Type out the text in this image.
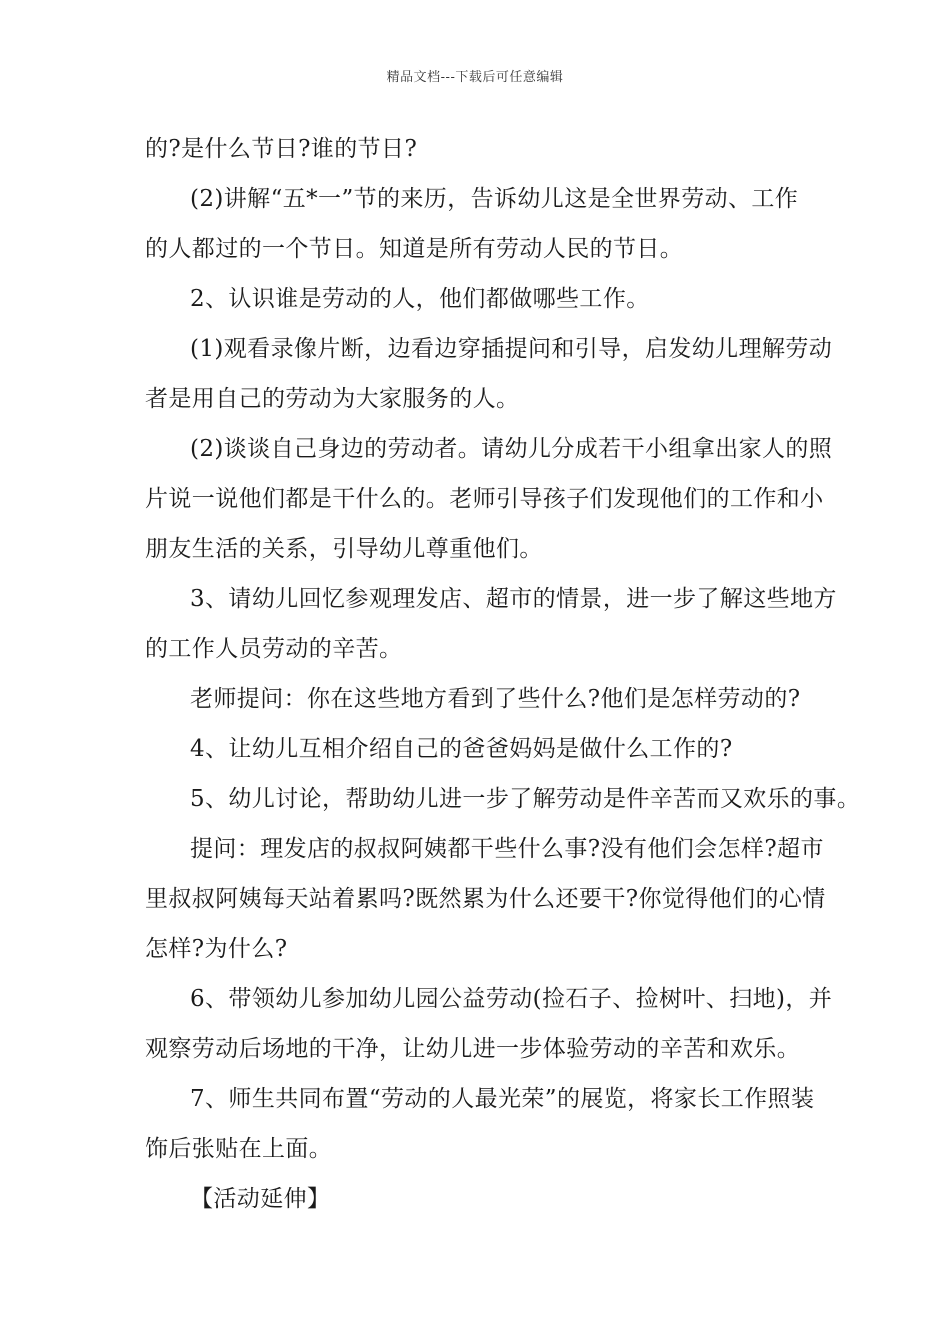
精品文档---下载后可任意编辑
的?是什么节日?谁的节日?
(2)讲解“五*一”节的来历，告诉幼儿这是全世界劳动、工作
的人都过的一个节日。知道是所有劳动人民的节日。
2、认识谁是劳动的人，他们都做哪些工作。
(1)观看录像片断，边看边穿插提问和引导，启发幼儿理解劳动
者是用自己的劳动为大家服务的人。
(2)谈谈自己身边的劳动者。请幼儿分成若干小组拿出家人的照
片说一说他们都是干什么的。老师引导孩子们发现他们的工作和小
朋友生活的关系，引导幼儿尊重他们。
3、请幼儿回忆参观理发店、超市的情景，进一步了解这些地方
的工作人员劳动的辛苦。
老师提问：你在这些地方看到了些什么?他们是怎样劳动的?
4、让幼儿互相介绍自己的爸爸妈妈是做什么工作的?
5、幼儿讨论，帮助幼儿进一步了解劳动是件辛苦而又欢乐的事。
提问：理发店的叔叔阿姨都干些什么事?没有他们会怎样?超市
里叔叔阿姨每天站着累吗?既然累为什么还要干?你觉得他们的心情
怎样?为什么?
6、带领幼儿参加幼儿园公益劳动(捡石子、捡树叶、扫地)，并
观察劳动后场地的干净，让幼儿进一步体验劳动的辛苦和欢乐。
7、师生共同布置“劳动的人最光荣”的展览，将家长工作照装
饰后张贴在上面。
【活动延伸】
